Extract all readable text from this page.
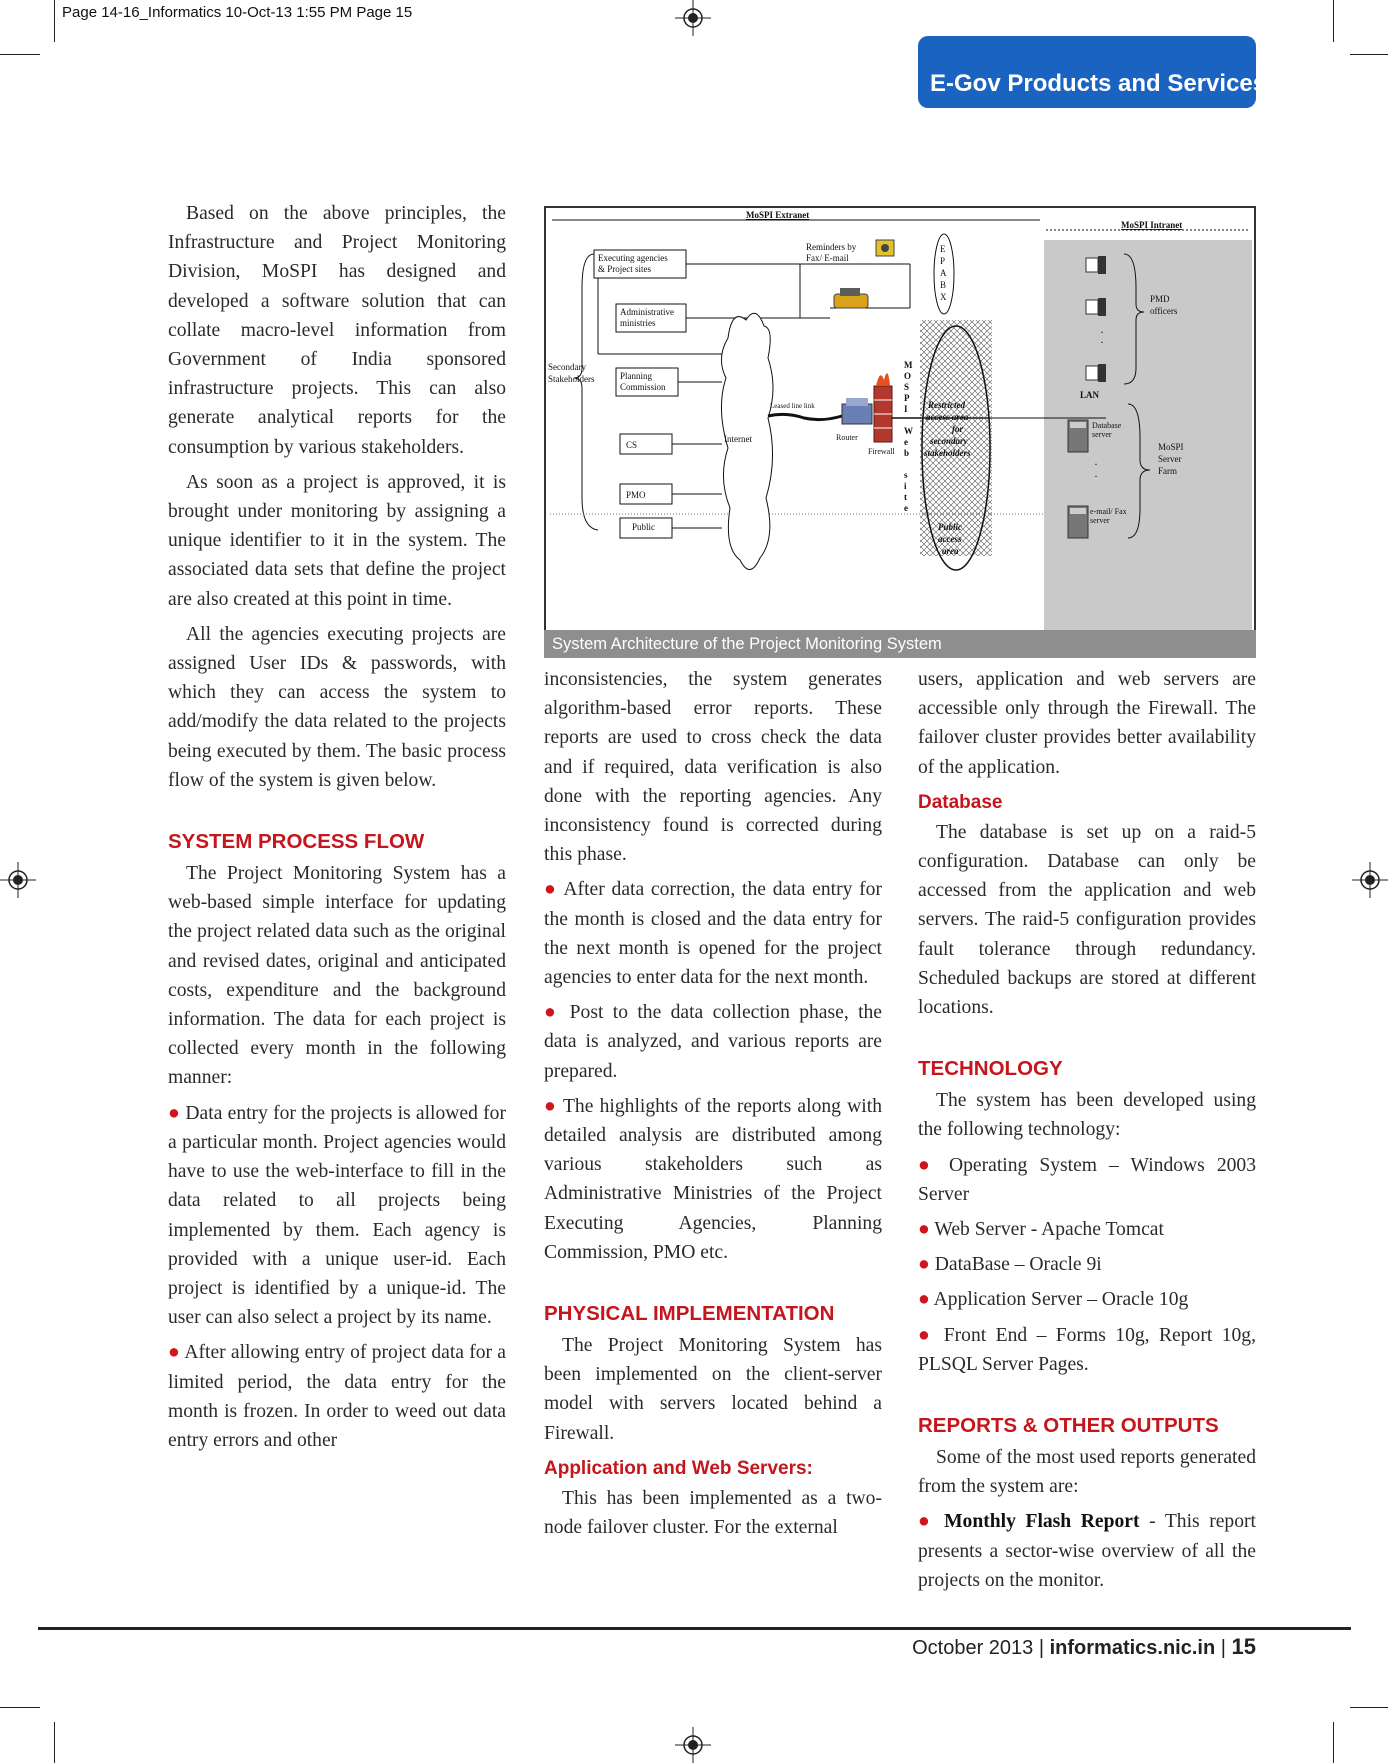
Page 14-16_Informatics 10-Oct-13 1:55 PM Page 15
E-Gov Products and Services

Based on the above principles, the Infrastructure and Project Monitoring Division, MoSPI has designed and developed a software solution that can collate macro-level information from Government of India sponsored infrastructure projects. This can also generate analytical reports for the consumption by various stakeholders.

As soon as a project is approved, it is brought under monitoring by assigning a unique identifier to it in the system. The associated data sets that define the project are also created at this point in time.

All the agencies executing projects are assigned User IDs & passwords, with which they can access the system to add/modify the data related to the projects being executed by them. The basic process flow of the system is given below.

SYSTEM PROCESS FLOW

The Project Monitoring System has a web-based simple interface for updating the project related data such as the original and revised dates, original and anticipated costs, expenditure and the background information. The data for each project is collected every month in the following manner:

● Data entry for the projects is allowed for a particular month. Project agencies would have to use the web-interface to fill in the data related to all projects being implemented by them. Each agency is provided with a unique user-id. Each project is identified by a unique-id. The user can also select a project by its name.

● After allowing entry of project data for a limited period, the data entry for the month is frozen. In order to weed out data entry errors and other

inconsistencies, the system generates algorithm-based error reports. These reports are used to cross check the data and if required, data verification is also done with the reporting agencies. Any inconsistency found is corrected during this phase.

● After data correction, the data entry for the month is closed and the data entry for the next month is opened for the project agencies to enter data for the next month.

● Post to the data collection phase, the data is analyzed, and various reports are prepared.

● The highlights of the reports along with detailed analysis are distributed among various stakeholders such as Administrative Ministries of the Project Executing Agencies, Planning Commission, PMO etc.

PHYSICAL IMPLEMENTATION

The Project Monitoring System has been implemented on the client-server model with servers located behind a Firewall.

Application and Web Servers:

This has been implemented as a two-node failover cluster. For the external

users, application and web servers are accessible only through the Firewall. The failover cluster provides better availability of the application.

Database

The database is set up on a raid-5 configuration. Database can only be accessed from the application and web servers. The raid-5 configuration provides fault tolerance through redundancy. Scheduled backups are stored at different locations.

TECHNOLOGY

The system has been developed using the following technology:

● Operating System – Windows 2003 Server

● Web Server - Apache Tomcat

● DataBase – Oracle 9i

● Application Server – Oracle 10g

● Front End – Forms 10g, Report 10g, PLSQL Server Pages.

REPORTS & OTHER OUTPUTS

Some of the most used reports generated from the system are:

● Monthly Flash Report - This report presents a sector-wise overview of all the projects on the monitor.

MoSPI Extranet
MoSPI Intranet
Secondary
Stakeholders
Executing agencies
& Project sites
Administrative
ministries
Planning
Commission
CS
PMO
Public
Internet
Reminders by
Fax/ E-mail
E
P
A
B
X
Leased line link
Router
Firewall
M
O
S
P
I
W
e
b
s
i
t
e
Restricted
access area
for
secondary
stakeholders
Public
access
area
·
·
PMD
officers
LAN
Database
server
·
·
e-mail/ Fax
server
MoSPI
Server
Farm
System Architecture of the Project Monitoring System
October 2013 | informatics.nic.in | 15
